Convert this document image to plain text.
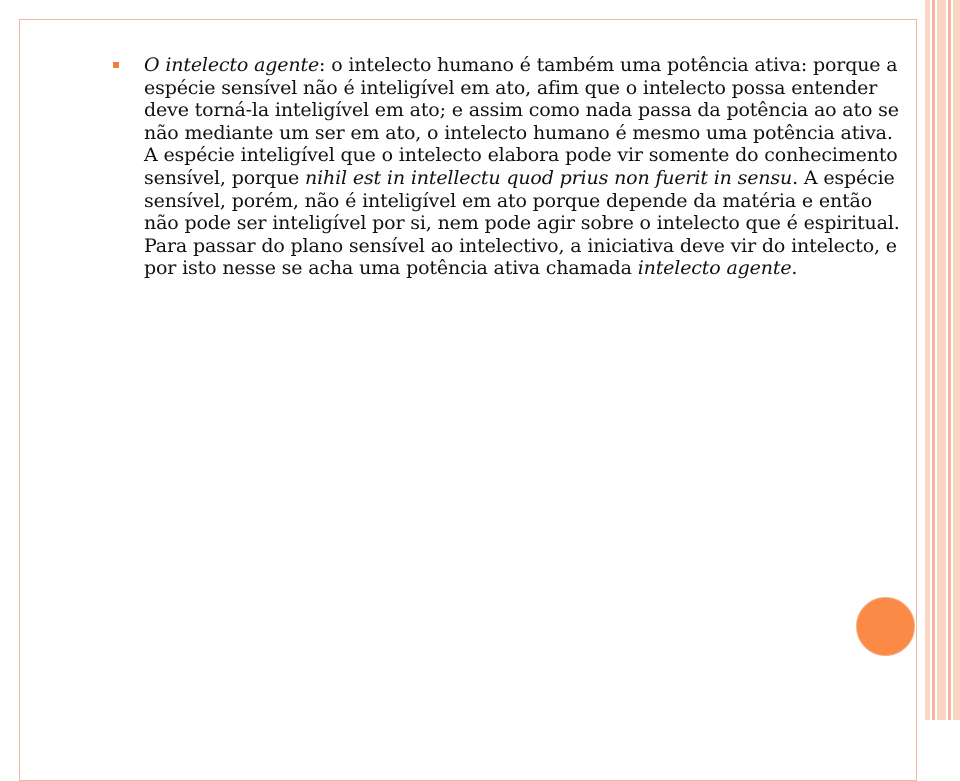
O intelecto agente: o intelecto humano é também uma potência ativa: porque a espécie sensível não é inteligível em ato, afim que o intelecto possa entender deve torná-la inteligível em ato; e assim como nada passa da potência ao ato se não mediante um ser em ato, o intelecto humano é mesmo uma potência ativa. A espécie inteligível que o intelecto elabora pode vir somente do conhecimento sensível, porque nihil est in intellectu quod prius non fuerit in sensu. A espécie sensível, porém, não é inteligível em ato porque depende da matéria e então não pode ser inteligível por si, nem pode agir sobre o intelecto que é espiritual. Para passar do plano sensível ao intelectivo, a iniciativa deve vir do intelecto, e por isto nesse se acha uma potência ativa chamada intelecto agente.
